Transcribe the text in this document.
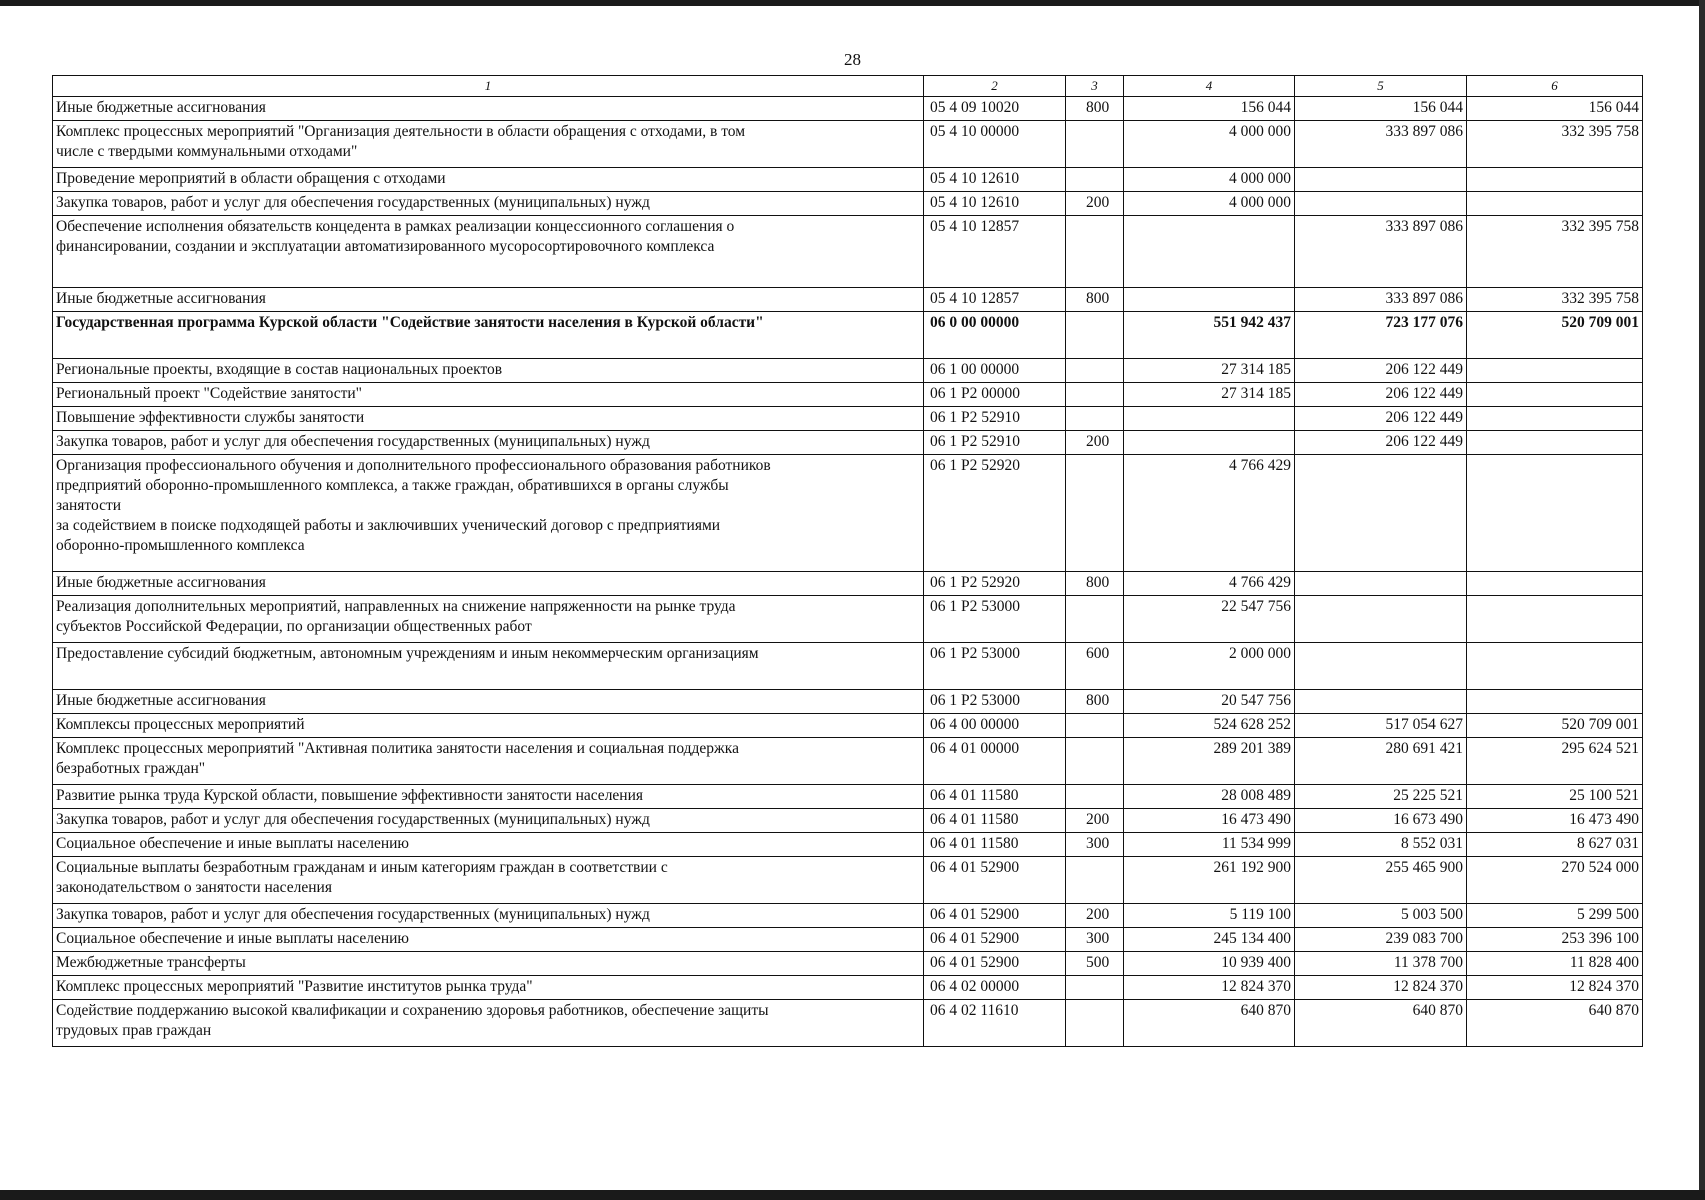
28
1	2	3	4	5	6
Иные бюджетные ассигнования	05 4 09 10020	800	156 044	156 044	156 044
Комплекс процессных мероприятий "Организация деятельности в области обращения с отходами, в том
числе с твердыми коммунальными отходами"	05 4 10 00000		4 000 000	333 897 086	332 395 758
Проведение мероприятий в области обращения с отходами	05 4 10 12610		4 000 000		
Закупка товаров, работ и услуг для обеспечения государственных (муниципальных) нужд	05 4 10 12610	200	4 000 000		
Обеспечение исполнения обязательств концедента в рамках реализации концессионного соглашения о
финансировании, создании и эксплуатации автоматизированного мусоросортировочного комплекса	05 4 10 12857			333 897 086	332 395 758
Иные бюджетные ассигнования	05 4 10 12857	800		333 897 086	332 395 758
Государственная программа Курской области "Содействие занятости населения в Курской области"	06 0 00 00000		551 942 437	723 177 076	520 709 001
Региональные проекты, входящие в состав национальных проектов	06 1 00 00000		27 314 185	206 122 449	
Региональный проект "Содействие занятости"	06 1 P2 00000		27 314 185	206 122 449	
Повышение эффективности службы занятости	06 1 P2 52910			206 122 449	
Закупка товаров, работ и услуг для обеспечения государственных (муниципальных) нужд	06 1 P2 52910	200		206 122 449	
Организация профессионального обучения и дополнительного профессионального образования работников
предприятий оборонно-промышленного комплекса, а также граждан, обратившихся в органы службы
занятости
за содействием в поиске подходящей работы и заключивших ученический договор с предприятиями
оборонно-промышленного комплекса	06 1 P2 52920		4 766 429		
Иные бюджетные ассигнования	06 1 P2 52920	800	4 766 429		
Реализация дополнительных мероприятий, направленных на снижение напряженности на рынке труда
субъектов Российской Федерации, по организации общественных работ	06 1 P2 53000		22 547 756		
Предоставление субсидий бюджетным, автономным учреждениям и иным некоммерческим организациям	06 1 P2 53000	600	2 000 000		
Иные бюджетные ассигнования	06 1 P2 53000	800	20 547 756		
Комплексы процессных мероприятий	06 4 00 00000		524 628 252	517 054 627	520 709 001
Комплекс процессных мероприятий "Активная политика занятости населения и социальная поддержка
безработных граждан"	06 4 01 00000		289 201 389	280 691 421	295 624 521
Развитие рынка труда Курской области, повышение эффективности занятости населения	06 4 01 11580		28 008 489	25 225 521	25 100 521
Закупка товаров, работ и услуг для обеспечения государственных (муниципальных) нужд	06 4 01 11580	200	16 473 490	16 673 490	16 473 490
Социальное обеспечение и иные выплаты населению	06 4 01 11580	300	11 534 999	8 552 031	8 627 031
Социальные выплаты безработным гражданам и иным категориям граждан в соответствии с
законодательством о занятости населения	06 4 01 52900		261 192 900	255 465 900	270 524 000
Закупка товаров, работ и услуг для обеспечения государственных (муниципальных) нужд	06 4 01 52900	200	5 119 100	5 003 500	5 299 500
Социальное обеспечение и иные выплаты населению	06 4 01 52900	300	245 134 400	239 083 700	253 396 100
Межбюджетные трансферты	06 4 01 52900	500	10 939 400	11 378 700	11 828 400
Комплекс процессных мероприятий "Развитие институтов рынка труда"	06 4 02 00000		12 824 370	12 824 370	12 824 370
Содействие поддержанию высокой квалификации и сохранению здоровья работников, обеспечение защиты
трудовых прав граждан	06 4 02 11610		640 870	640 870	640 870
